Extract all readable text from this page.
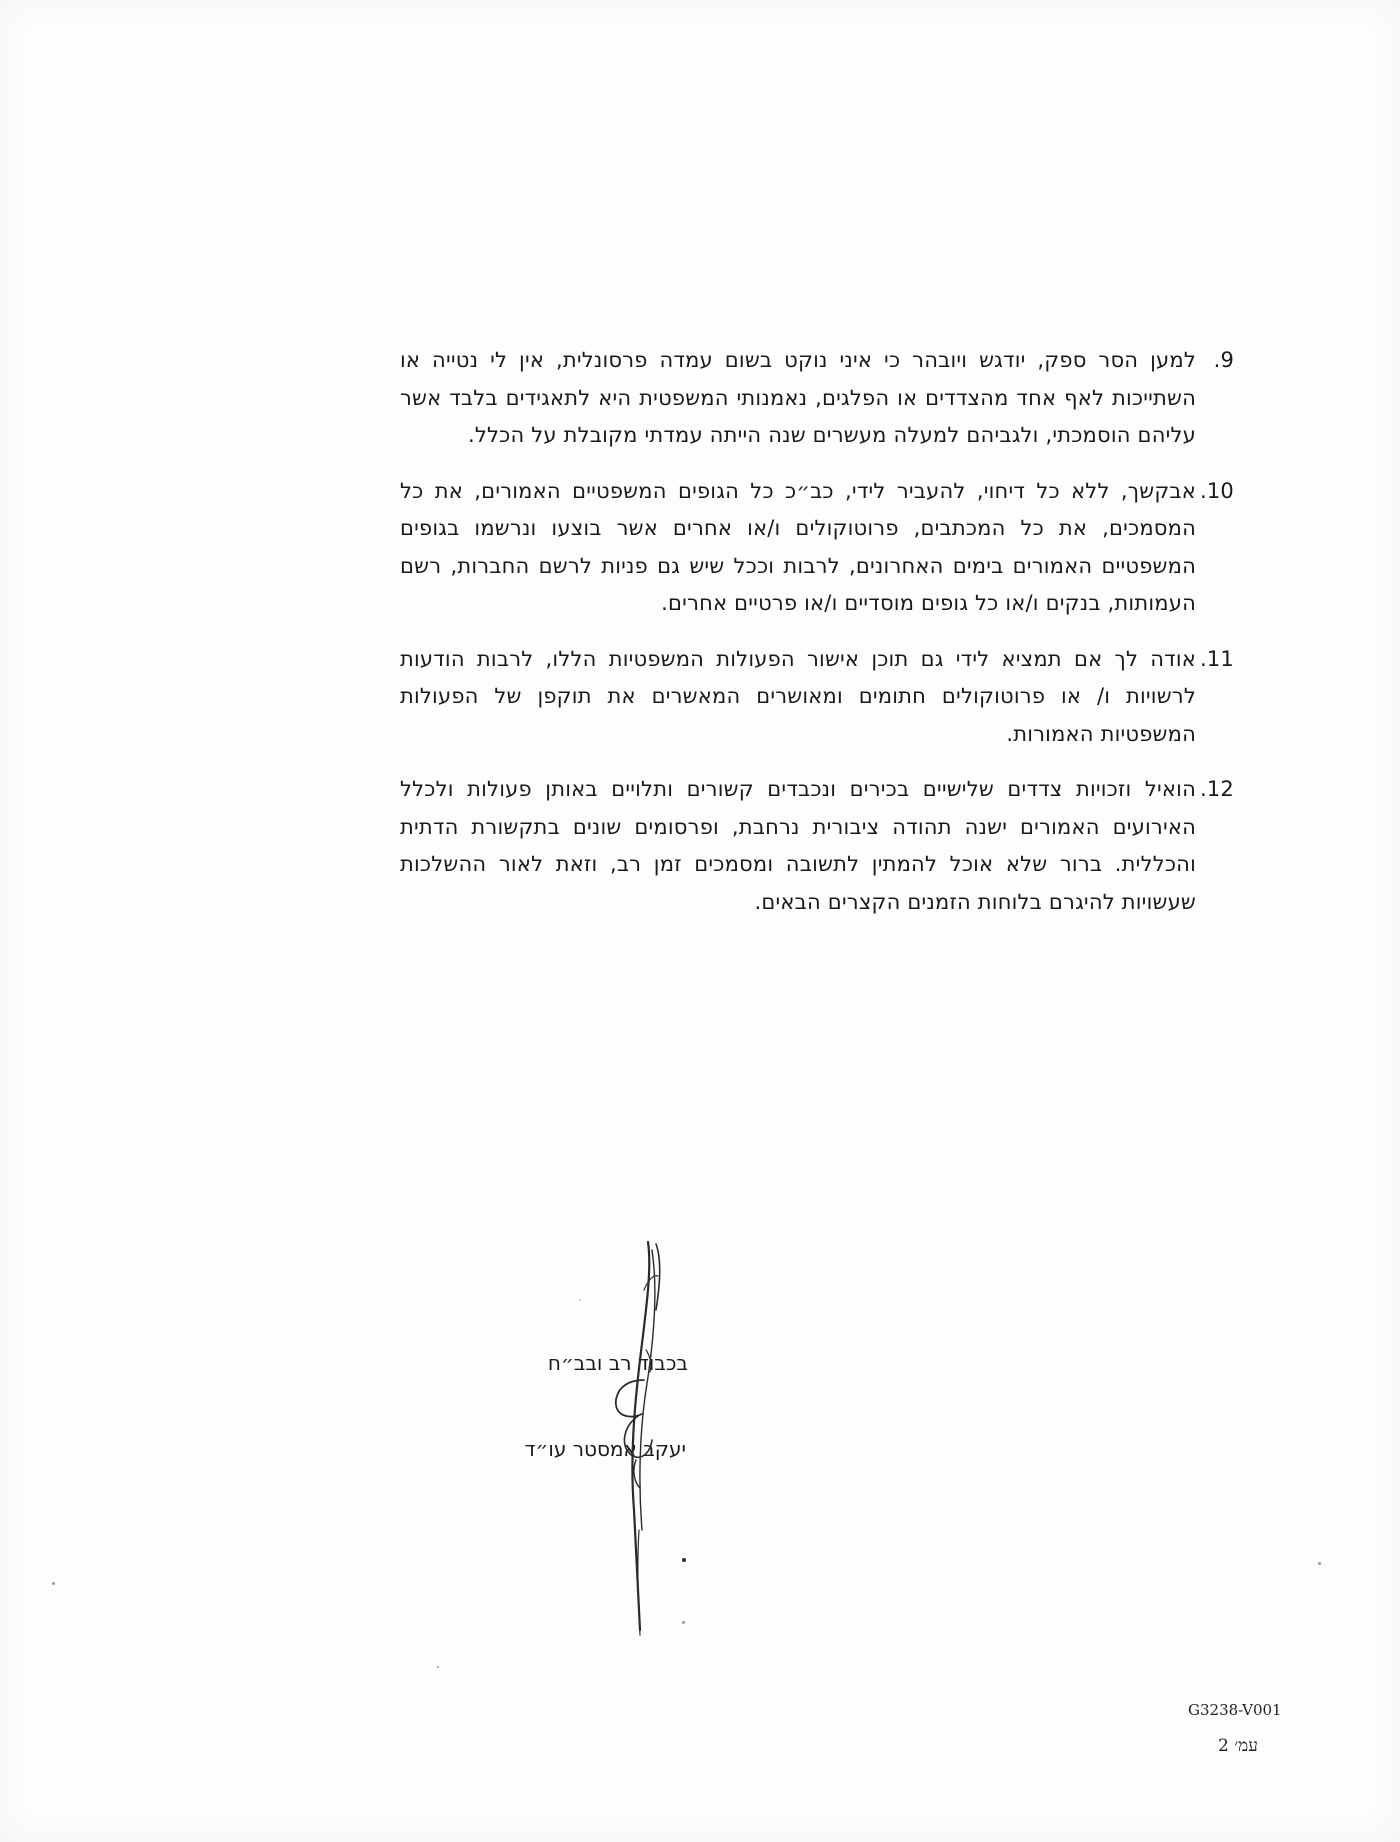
.9
למען הסר ספק, יודגש ויובהר כי איני נוקט בשום עמדה פרסונלית, אין לי נטייה או השתייכות לאף אחד מהצדדים או הפלגים, נאמנותי המשפטית היא לתאגידים בלבד אשר עליהם הוסמכתי, ולגביהם למעלה מעשרים שנה הייתה עמדתי מקובלת על הכלל.
.10
אבקשך, ללא כל דיחוי, להעביר לידי, כב״כ כל הגופים המשפטיים האמורים, את כל המסמכים, את כל המכתבים, פרוטוקולים ו/או אחרים אשר בוצעו ונרשמו בגופים המשפטיים האמורים בימים האחרונים, לרבות וככל שיש גם פניות לרשם החברות, רשם העמותות, בנקים ו/או כל גופים מוסדיים ו/או פרטיים אחרים.
.11
אודה לך אם תמציא לידי גם תוכן אישור הפעולות המשפטיות הללו, לרבות הודעות לרשויות ו/ או פרוטוקולים חתומים ומאושרים המאשרים את תוקפן של הפעולות המשפטיות האמורות.
.12
הואיל וזכויות צדדים שלישיים בכירים ונכבדים קשורים ותלויים באותן פעולות ולכלל האירועים האמורים ישנה תהודה ציבורית נרחבת, ופרסומים שונים בתקשורת הדתית והכללית. ברור שלא אוכל להמתין לתשובה ומסמכים זמן רב, וזאת לאור ההשלכות שעשויות להיגרם בלוחות הזמנים הקצרים הבאים.
בכבוד רב ובב״ח
יעקב אמסטר עו״ד
G3238-V001
עמ׳ 2
